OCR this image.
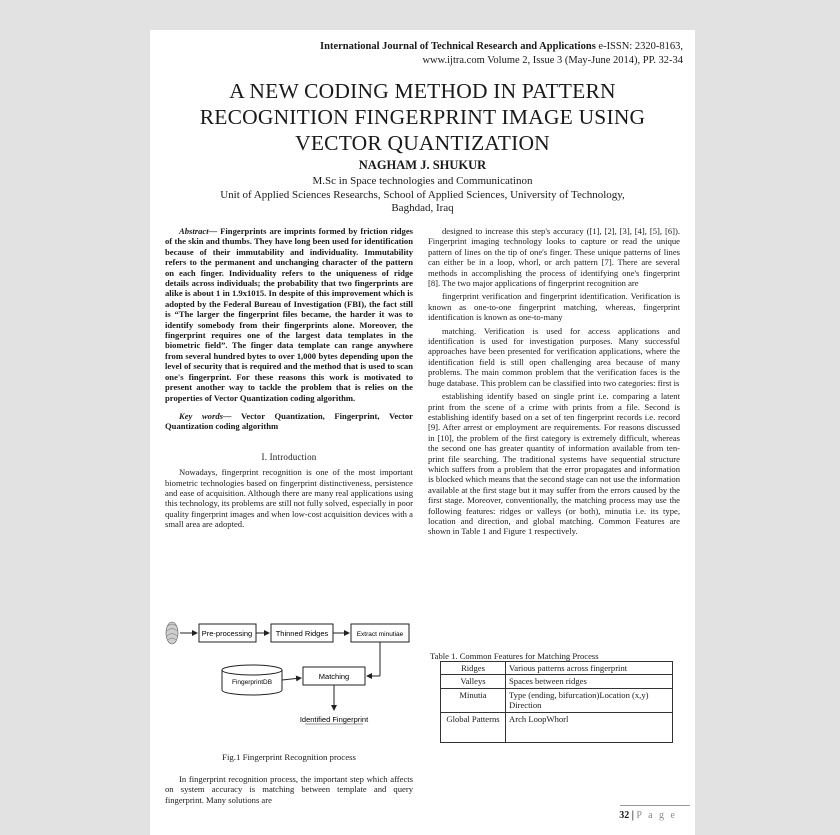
International Journal of Technical Research and Applications e-ISSN: 2320-8163,
www.ijtra.com Volume 2, Issue 3 (May-June 2014), PP. 32-34
A NEW CODING METHOD IN PATTERN
RECOGNITION FINGERPRINT IMAGE USING
VECTOR QUANTIZATION
NAGHAM J. SHUKUR
M.Sc in Space technologies and Communicatinon
Unit of Applied Sciences Researchs, School of Applied Sciences, University of Technology,
Baghdad, Iraq

Abstract— Fingerprints are imprints formed by friction ridges of the skin and thumbs. They have long been used for identification because of their immutability and individuality. Immutability refers to the permanent and unchanging character of the pattern on each finger. Individuality refers to the uniqueness of ridge details across individuals; the probability that two fingerprints are alike is about 1 in 1.9x1015. In despite of this improvement which is adopted by the Federal Bureau of Investigation (FBI), the fact still is “The larger the fingerprint files became, the harder it was to identify somebody from their fingerprints alone. Moreover, the fingerprint requires one of the largest data templates in the biometric field”. The finger data template can range anywhere from several hundred bytes to over 1,000 bytes depending upon the level of security that is required and the method that is used to scan one's fingerprint. For these reasons this work is motivated to present another way to tackle the problem that is relies on the properties of Vector Quantization coding algorithm.

Key words— Vector Quantization, Fingerprint, Vector Quantization coding algorithm

I. Introduction

Nowadays, fingerprint recognition is one of the most important biometric technologies based on fingerprint distinctiveness, persistence and ease of acquisition. Although there are many real applications using this technology, its problems are still not fully solved, especially in poor quality fingerprint images and when low-cost acquisition devices with a small area are adopted.

Pre-processing	Thinned Ridges	Extract minutiae
Matching
FingerprintDB
Identified Fingerprint
Fig.1 Fingerprint Recognition process

In fingerprint recognition process, the important step which affects on system accuracy is matching between template and query fingerprint. Many solutions are

designed to increase this step's accuracy ([1], [2], [3], [4], [5], [6]). Fingerprint imaging technology looks to capture or read the unique pattern of lines on the tip of one's finger. These unique patterns of lines can either be in a loop, whorl, or arch pattern [7]. There are several methods in accomplishing the process of identifying one's fingerprint [8]. The two major applications of fingerprint recognition are

fingerprint verification and fingerprint identification. Verification is known as one-to-one fingerprint matching, whereas, fingerprint identification is known as one-to-many

matching. Verification is used for access applications and identification is used for investigation purposes. Many successful approaches have been presented for verification applications, where the identification field is still open challenging area because of many problems. The main common problem that the verification faces is the huge database. This problem can be classified into two categories: first is

establishing identify based on single print i.e. comparing a latent print from the scene of a crime with prints from a file. Second is establishing identify based on a set of ten fingerprint records i.e. record [9]. After arrest or employment are requirements. For reasons discussed in [10], the problem of the first category is extremely difficult, whereas the second one has greater quantity of information available from ten-print file searching. The traditional systems have sequential structure which suffers from a problem that the error propagates and information is blocked which means that the second stage can not use the information available at the first stage but it may suffer from the errors caused by the first stage. Moreover, conventionally, the matching process may use the following features: ridges or valleys (or both), minutia i.e. its type, location and direction, and global matching. Common Features are shown in Table 1 and Figure 1 respectively.

Table 1. Common Features for Matching Process
Ridges	Various patterns across fingerprint
Valleys	Spaces between ridges
Minutia	Type (ending, bifurcation)Location (x,y) Direction
Global Patterns	Arch LoopWhorl
32 | P a g e
